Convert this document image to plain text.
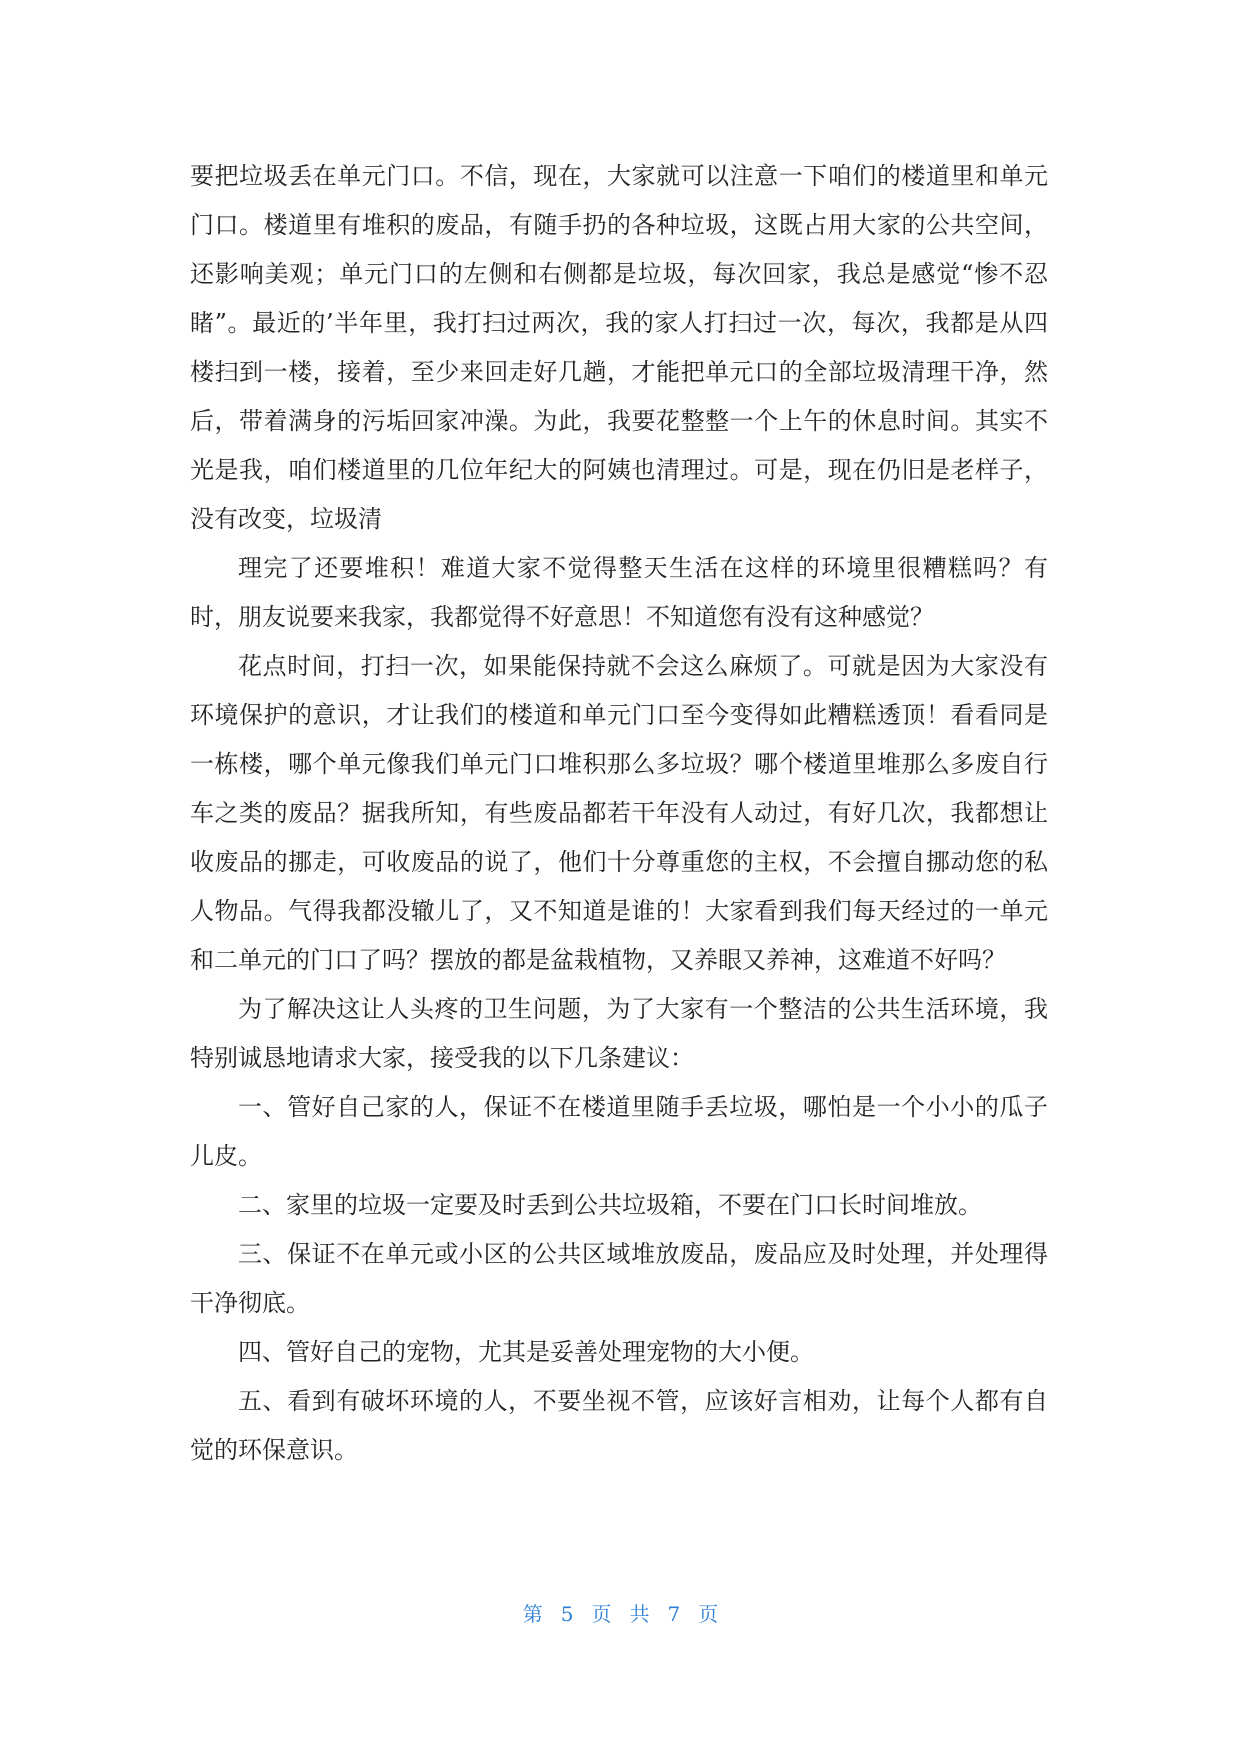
要把垃圾丢在单元门口。不信，现在，大家就可以注意一下咱们的楼道里和单元门口。楼道里有堆积的废品，有随手扔的各种垃圾，这既占用大家的公共空间，还影响美观；单元门口的左侧和右侧都是垃圾，每次回家，我总是感觉“惨不忍睹”。最近的’半年里，我打扫过两次，我的家人打扫过一次，每次，我都是从四楼扫到一楼，接着，至少来回走好几趟，才能把单元口的全部垃圾清理干净，然后，带着满身的污垢回家冲澡。为此，我要花整整一个上午的休息时间。其实不光是我，咱们楼道里的几位年纪大的阿姨也清理过。可是，现在仍旧是老样子，没有改变，垃圾清

理完了还要堆积！难道大家不觉得整天生活在这样的环境里很糟糕吗？有时，朋友说要来我家，我都觉得不好意思！不知道您有没有这种感觉？

花点时间，打扫一次，如果能保持就不会这么麻烦了。可就是因为大家没有环境保护的意识，才让我们的楼道和单元门口至今变得如此糟糕透顶！看看同是一栋楼，哪个单元像我们单元门口堆积那么多垃圾？哪个楼道里堆那么多废自行车之类的废品？据我所知，有些废品都若干年没有人动过，有好几次，我都想让收废品的挪走，可收废品的说了，他们十分尊重您的主权，不会擅自挪动您的私人物品。气得我都没辙儿了，又不知道是谁的！大家看到我们每天经过的一单元和二单元的门口了吗？摆放的都是盆栽植物，又养眼又养神，这难道不好吗？

为了解决这让人头疼的卫生问题，为了大家有一个整洁的公共生活环境，我特别诚恳地请求大家，接受我的以下几条建议：

一、管好自己家的人，保证不在楼道里随手丢垃圾，哪怕是一个小小的瓜子儿皮。

二、家里的垃圾一定要及时丢到公共垃圾箱，不要在门口长时间堆放。

三、保证不在单元或小区的公共区域堆放废品，废品应及时处理，并处理得干净彻底。

四、管好自己的宠物，尤其是妥善处理宠物的大小便。

五、看到有破坏环境的人，不要坐视不管，应该好言相劝，让每个人都有自觉的环保意识。

第 5 页共7 页
